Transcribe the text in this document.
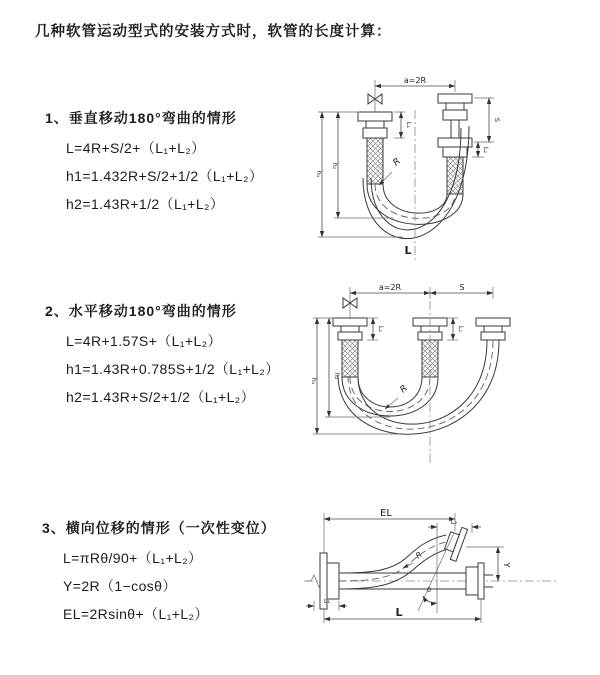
几种软管运动型式的安装方式时，软管的长度计算：
1、垂直移动180°弯曲的情形
L=4R+S/2+（L₁+L₂）
h1=1.432R+S/2+1/2（L₁+L₂）
h2=1.43R+1/2（L₁+L₂）
a=2R
L₁
S
L₂
h₁
h₂	R
L
2、水平移动180°弯曲的情形
L=4R+1.57S+（L₁+L₂）
h1=1.43R+0.785S+1/2（L₁+L₂）
h2=1.43R+S/2+1/2（L₁+L₂）
a=2R	S
L₁	L₂
h₁
h₂
R
3、横向位移的情形（一次性变位）
L=πRθ/90+（L₁+L₂）
Y=2R（1−cosθ）
EL=2Rsinθ+（L₁+L₂）
EL
L₂
θ
R
Y
L₁
L
